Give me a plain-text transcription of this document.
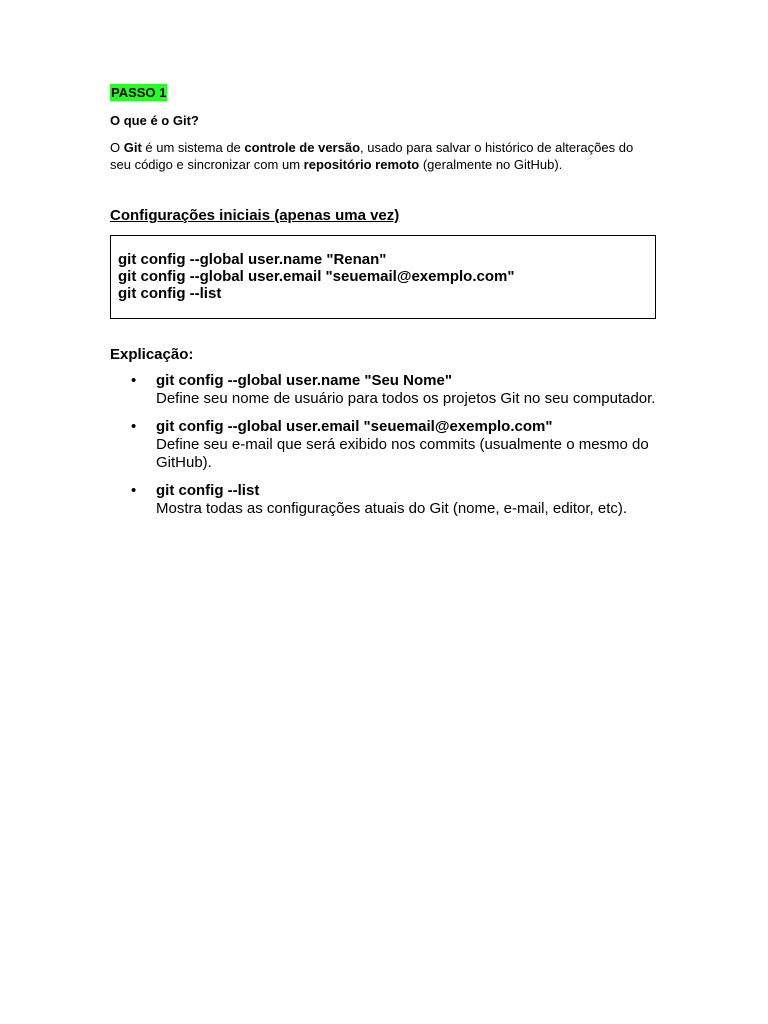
PASSO 1
O que é o Git?
O Git é um sistema de controle de versão, usado para salvar o histórico de alterações do seu código e sincronizar com um repositório remoto (geralmente no GitHub).
Configurações iniciais (apenas uma vez)
git config --global user.name "Renan"
git config --global user.email "seuemail@exemplo.com"
git config --list
Explicação:
• git config --global user.name "Seu Nome"
Define seu nome de usuário para todos os projetos Git no seu computador.
• git config --global user.email "seuemail@exemplo.com"
Define seu e-mail que será exibido nos commits (usualmente o mesmo do GitHub).
• git config --list
Mostra todas as configurações atuais do Git (nome, e-mail, editor, etc).
